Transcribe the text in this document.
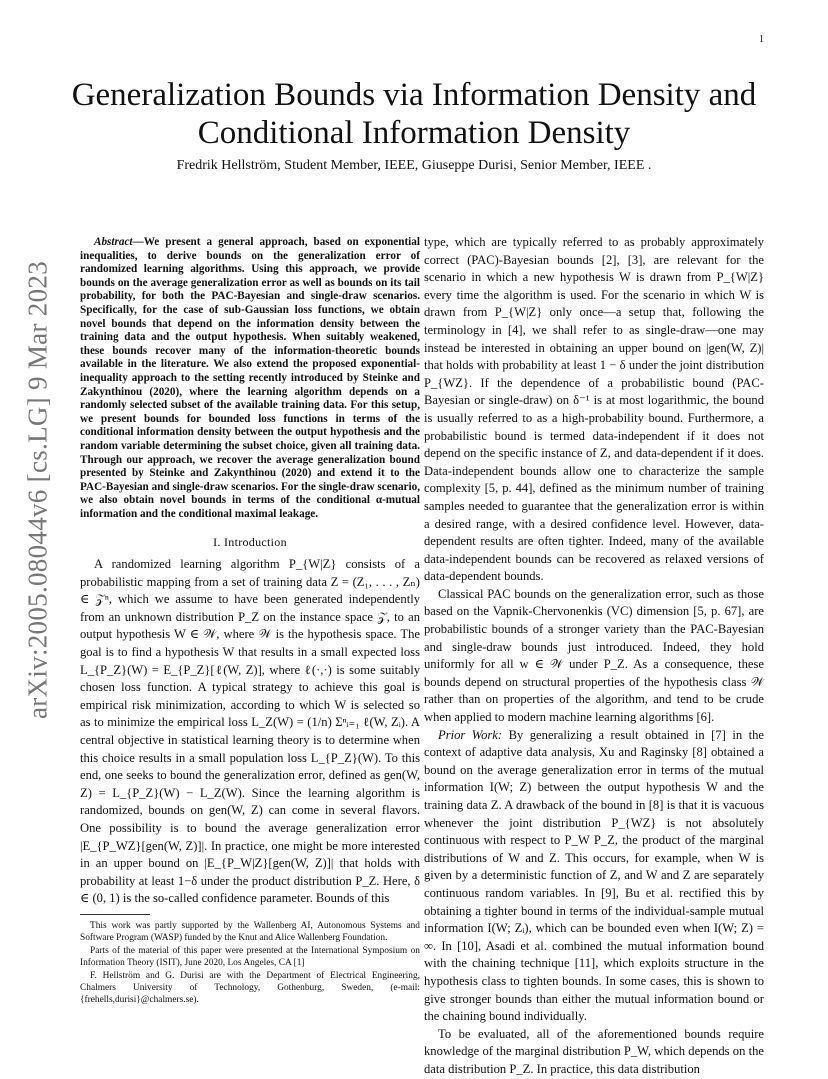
1
arXiv:2005.08044v6 [cs.LG] 9 Mar 2023
Generalization Bounds via Information Density and Conditional Information Density

Fredrik Hellström, Student Member, IEEE, Giuseppe Durisi, Senior Member, IEEE .

Abstract—We present a general approach, based on exponential inequalities, to derive bounds on the generalization error of randomized learning algorithms. Using this approach, we provide bounds on the average generalization error as well as bounds on its tail probability, for both the PAC-Bayesian and single-draw scenarios. Specifically, for the case of sub-Gaussian loss functions, we obtain novel bounds that depend on the information density between the training data and the output hypothesis. When suitably weakened, these bounds recover many of the information-theoretic bounds available in the literature. We also extend the proposed exponential-inequality approach to the setting recently introduced by Steinke and Zakynthinou (2020), where the learning algorithm depends on a randomly selected subset of the available training data. For this setup, we present bounds for bounded loss functions in terms of the conditional information density between the output hypothesis and the random variable determining the subset choice, given all training data. Through our approach, we recover the average generalization bound presented by Steinke and Zakynthinou (2020) and extend it to the PAC-Bayesian and single-draw scenarios. For the single-draw scenario, we also obtain novel bounds in terms of the conditional α-mutual information and the conditional maximal leakage.

I. Introduction

A randomized learning algorithm P_{W|Z} consists of a probabilistic mapping from a set of training data Z = (Z₁, . . . , Zₙ) ∈ 𝒵ⁿ, which we assume to have been generated independently from an unknown distribution P_Z on the instance space 𝒵, to an output hypothesis W ∈ 𝒲, where 𝒲 is the hypothesis space. The goal is to find a hypothesis W that results in a small expected loss L_{P_Z}(W) = E_{P_Z}[ℓ(W, Z)], where ℓ(·,·) is some suitably chosen loss function. A typical strategy to achieve this goal is empirical risk minimization, according to which W is selected so as to minimize the empirical loss L_Z(W) = (1/n) Σⁿᵢ₌₁ ℓ(W, Zᵢ). A central objective in statistical learning theory is to determine when this choice results in a small population loss L_{P_Z}(W). To this end, one seeks to bound the generalization error, defined as gen(W, Z) = L_{P_Z}(W) − L_Z(W). Since the learning algorithm is randomized, bounds on gen(W, Z) can come in several flavors. One possibility is to bound the average generalization error |E_{P_WZ}[gen(W, Z)]|. In practice, one might be more interested in an upper bound on |E_{P_W|Z}[gen(W, Z)]| that holds with probability at least 1−δ under the product distribution P_Z. Here, δ ∈ (0, 1) is the so-called confidence parameter. Bounds of this

This work was partly supported by the Wallenberg AI, Autonomous Systems and Software Program (WASP) funded by the Knut and Alice Wallenberg Foundation.

Parts of the material of this paper were presented at the International Symposium on Information Theory (ISIT), June 2020, Los Angeles, CA [1]

F. Hellström and G. Durisi are with the Department of Electrical Engineering, Chalmers University of Technology, Gothenburg, Sweden, (e-mail: {frehells,durisi}@chalmers.se).

type, which are typically referred to as probably approximately correct (PAC)-Bayesian bounds [2], [3], are relevant for the scenario in which a new hypothesis W is drawn from P_{W|Z} every time the algorithm is used. For the scenario in which W is drawn from P_{W|Z} only once—a setup that, following the terminology in [4], we shall refer to as single-draw—one may instead be interested in obtaining an upper bound on |gen(W, Z)| that holds with probability at least 1 − δ under the joint distribution P_{WZ}. If the dependence of a probabilistic bound (PAC-Bayesian or single-draw) on δ⁻¹ is at most logarithmic, the bound is usually referred to as a high-probability bound. Furthermore, a probabilistic bound is termed data-independent if it does not depend on the specific instance of Z, and data-dependent if it does. Data-independent bounds allow one to characterize the sample complexity [5, p. 44], defined as the minimum number of training samples needed to guarantee that the generalization error is within a desired range, with a desired confidence level. However, data-dependent results are often tighter. Indeed, many of the available data-independent bounds can be recovered as relaxed versions of data-dependent bounds.

Classical PAC bounds on the generalization error, such as those based on the Vapnik-Chervonenkis (VC) dimension [5, p. 67], are probabilistic bounds of a stronger variety than the PAC-Bayesian and single-draw bounds just introduced. Indeed, they hold uniformly for all w ∈ 𝒲 under P_Z. As a consequence, these bounds depend on structural properties of the hypothesis class 𝒲 rather than on properties of the algorithm, and tend to be crude when applied to modern machine learning algorithms [6].

Prior Work: By generalizing a result obtained in [7] in the context of adaptive data analysis, Xu and Raginsky [8] obtained a bound on the average generalization error in terms of the mutual information I(W; Z) between the output hypothesis W and the training data Z. A drawback of the bound in [8] is that it is vacuous whenever the joint distribution P_{WZ} is not absolutely continuous with respect to P_W P_Z, the product of the marginal distributions of W and Z. This occurs, for example, when W is given by a deterministic function of Z, and W and Z are separately continuous random variables. In [9], Bu et al. rectified this by obtaining a tighter bound in terms of the individual-sample mutual information I(W; Zᵢ), which can be bounded even when I(W; Z) = ∞. In [10], Asadi et al. combined the mutual information bound with the chaining technique [11], which exploits structure in the hypothesis class to tighten bounds. In some cases, this is shown to give stronger bounds than either the mutual information bound or the chaining bound individually.

To be evaluated, all of the aforementioned bounds require knowledge of the marginal distribution P_W, which depends on the data distribution P_Z. In practice, this data distribution
